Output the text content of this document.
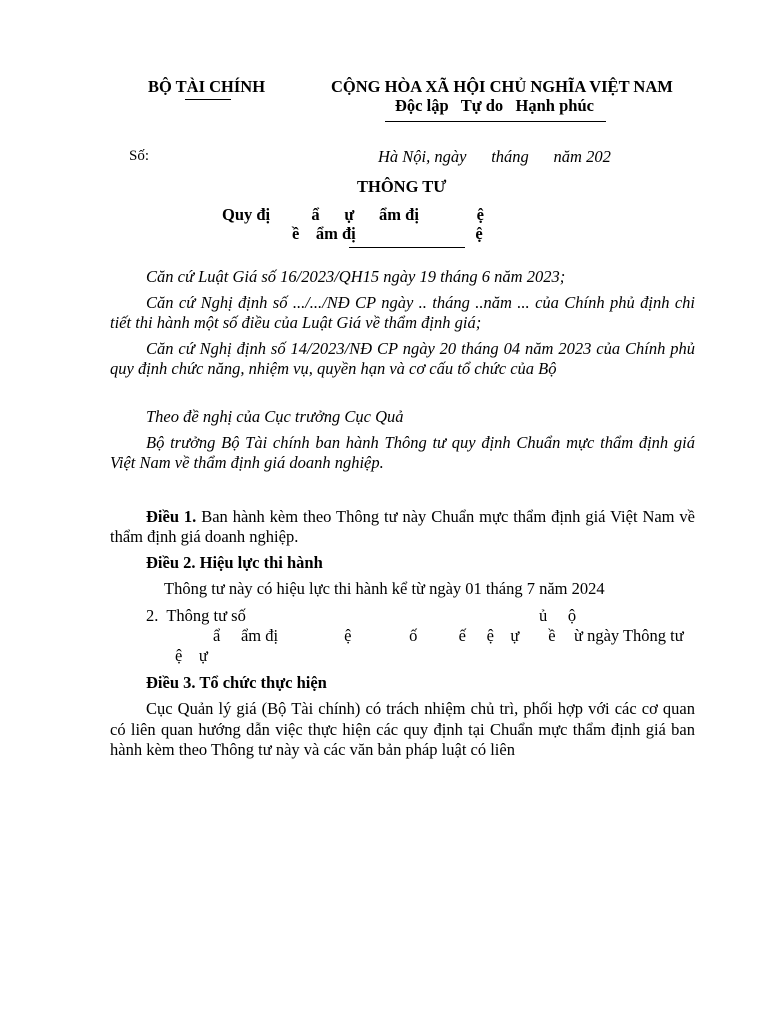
BỘ TÀI CHÍNH	CỘNG HÒA XÃ HỘI CHỦ NGHĨA VIỆT NAM
Độc lập   Tự do   Hạnh phúc
Số:	Hà Nội, ngày      tháng      năm 202
THÔNG TƯ
Quy đị          ẩ      ự      ẩm đị              ệ
ề    ẩm đị                             ệ
Căn cứ Luật Giá số 16/2023/QH15 ngày 19 tháng 6 năm 2023;
Căn cứ Nghị định số .../.../NĐ CP ngày .. tháng ..năm ... của Chính phủ định chi tiết thi hành một số điều của Luật Giá về thẩm định giá;
Căn cứ Nghị định số 14/2023/NĐ CP ngày 20 tháng 04 năm 2023 của Chính phủ quy định chức năng, nhiệm vụ, quyền hạn và cơ cấu tổ chức của Bộ
Theo đề nghị của Cục trưởng Cục Quả
Bộ trưởng Bộ Tài chính ban hành Thông tư quy định Chuẩn mực thẩm định giá Việt Nam về thẩm định giá doanh nghiệp.
Điều 1. Ban hành kèm theo Thông tư này Chuẩn mực thẩm định giá Việt Nam về thẩm định giá doanh nghiệp.
Điều 2. Hiệu lực thi hành
Thông tư này có hiệu lực thi hành kể từ ngày 01 tháng 7 năm 2024
2.  Thông tư số	ủ     ộ
ẩ     ẩm đị                ệ              ố          ế     ệ    ự       ề ừ ngày Thông tư
ệ    ự
Điều 3. Tổ chức thực hiện
Cục Quản lý giá (Bộ Tài chính) có trách nhiệm chủ trì, phối hợp với các cơ quan có liên quan hướng dẫn việc thực hiện các quy định tại Chuẩn mực thẩm định giá ban hành kèm theo Thông tư này và các văn bản pháp luật có liên
